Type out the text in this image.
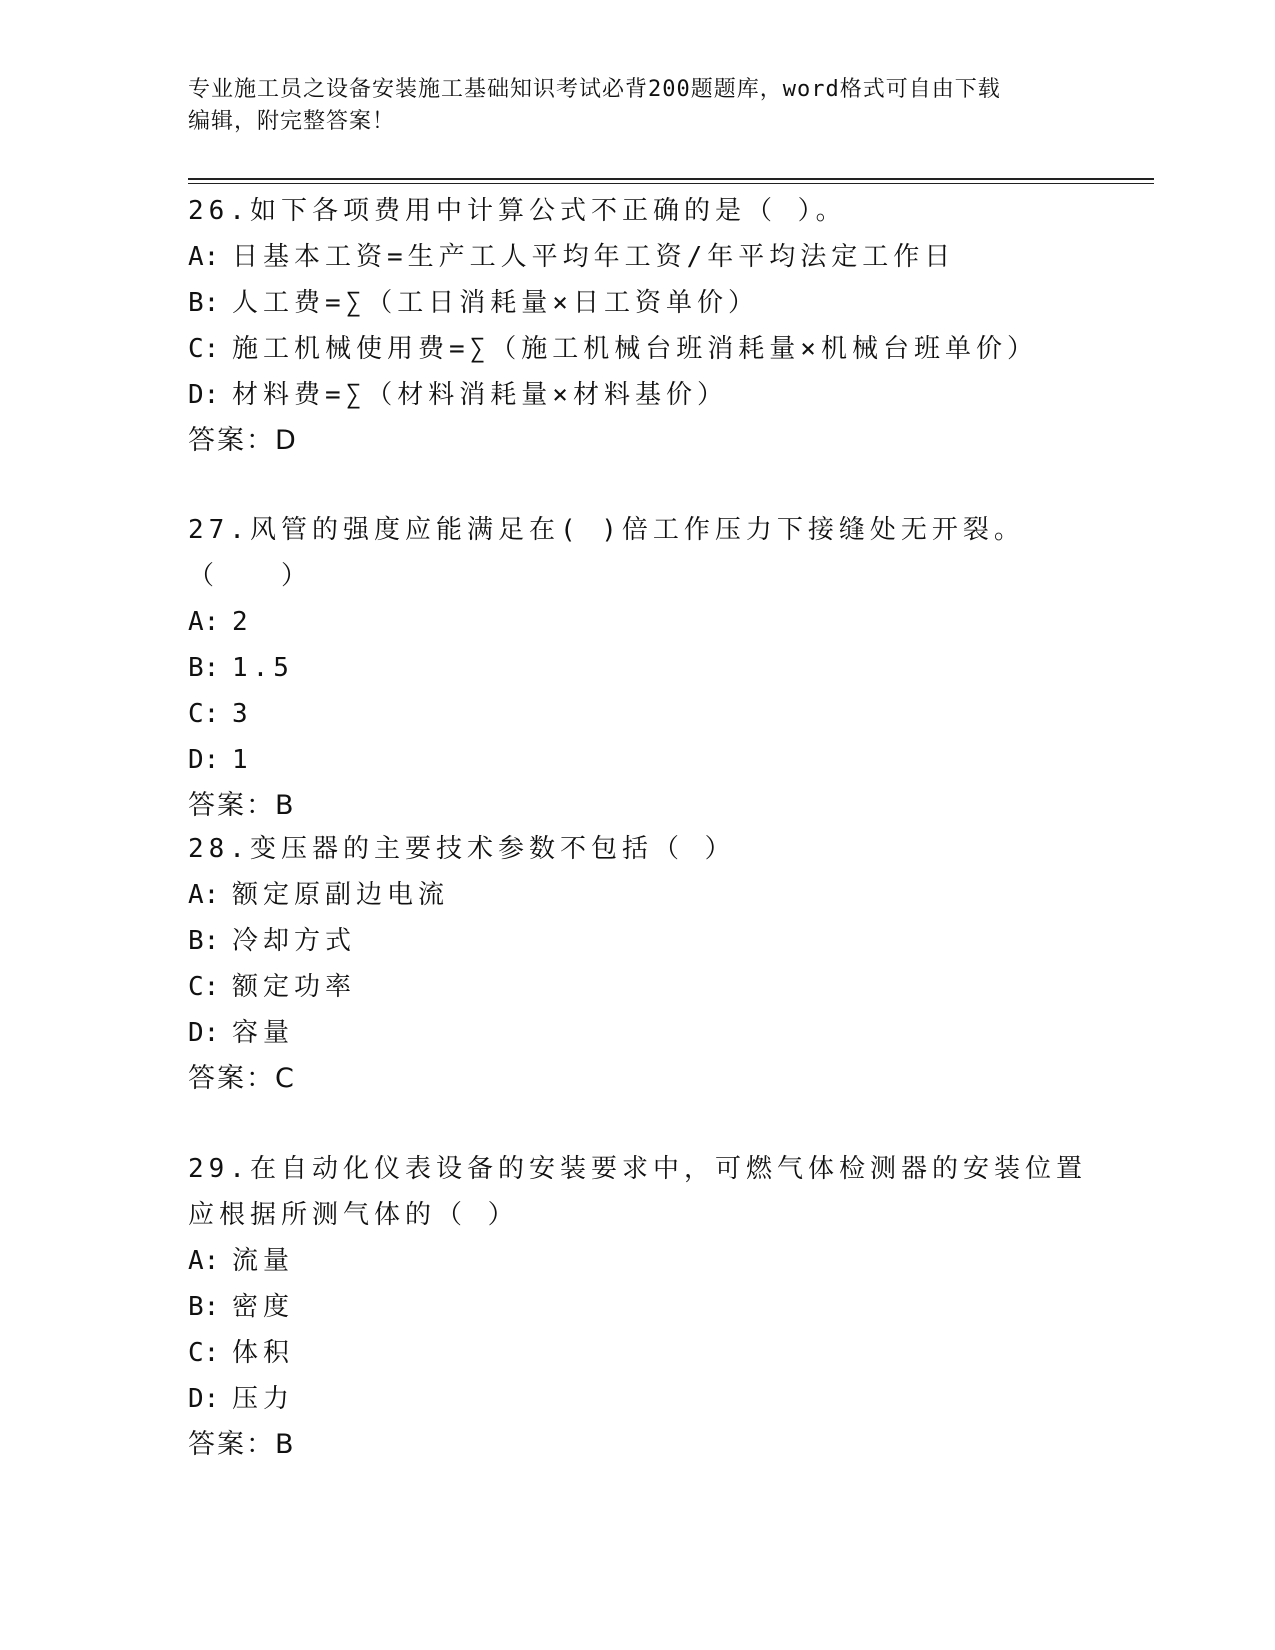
专业施工员之设备安装施工基础知识考试必背200题题库，word格式可自由下载
编辑，附完整答案！

26.如下各项费用中计算公式不正确的是（ ）。

A: 日基本工资=生产工人平均年工资/年平均法定工作日

B: 人工费=∑（工日消耗量×日工资单价）

C: 施工机械使用费=∑（施工机械台班消耗量×机械台班单价）

D: 材料费=∑（材料消耗量×材料基价）

答案：D

27.风管的强度应能满足在( )倍工作压力下接缝处无开裂。（　　）

A: 2

B: 1.5

C: 3

D: 1

答案：B

28.变压器的主要技术参数不包括（ ）

A: 额定原副边电流

B: 冷却方式

C: 额定功率

D: 容量

答案：C

29.在自动化仪表设备的安装要求中，可燃气体检测器的安装位置应根据所测气体的（ ）

A: 流量

B: 密度

C: 体积

D: 压力

答案：B
